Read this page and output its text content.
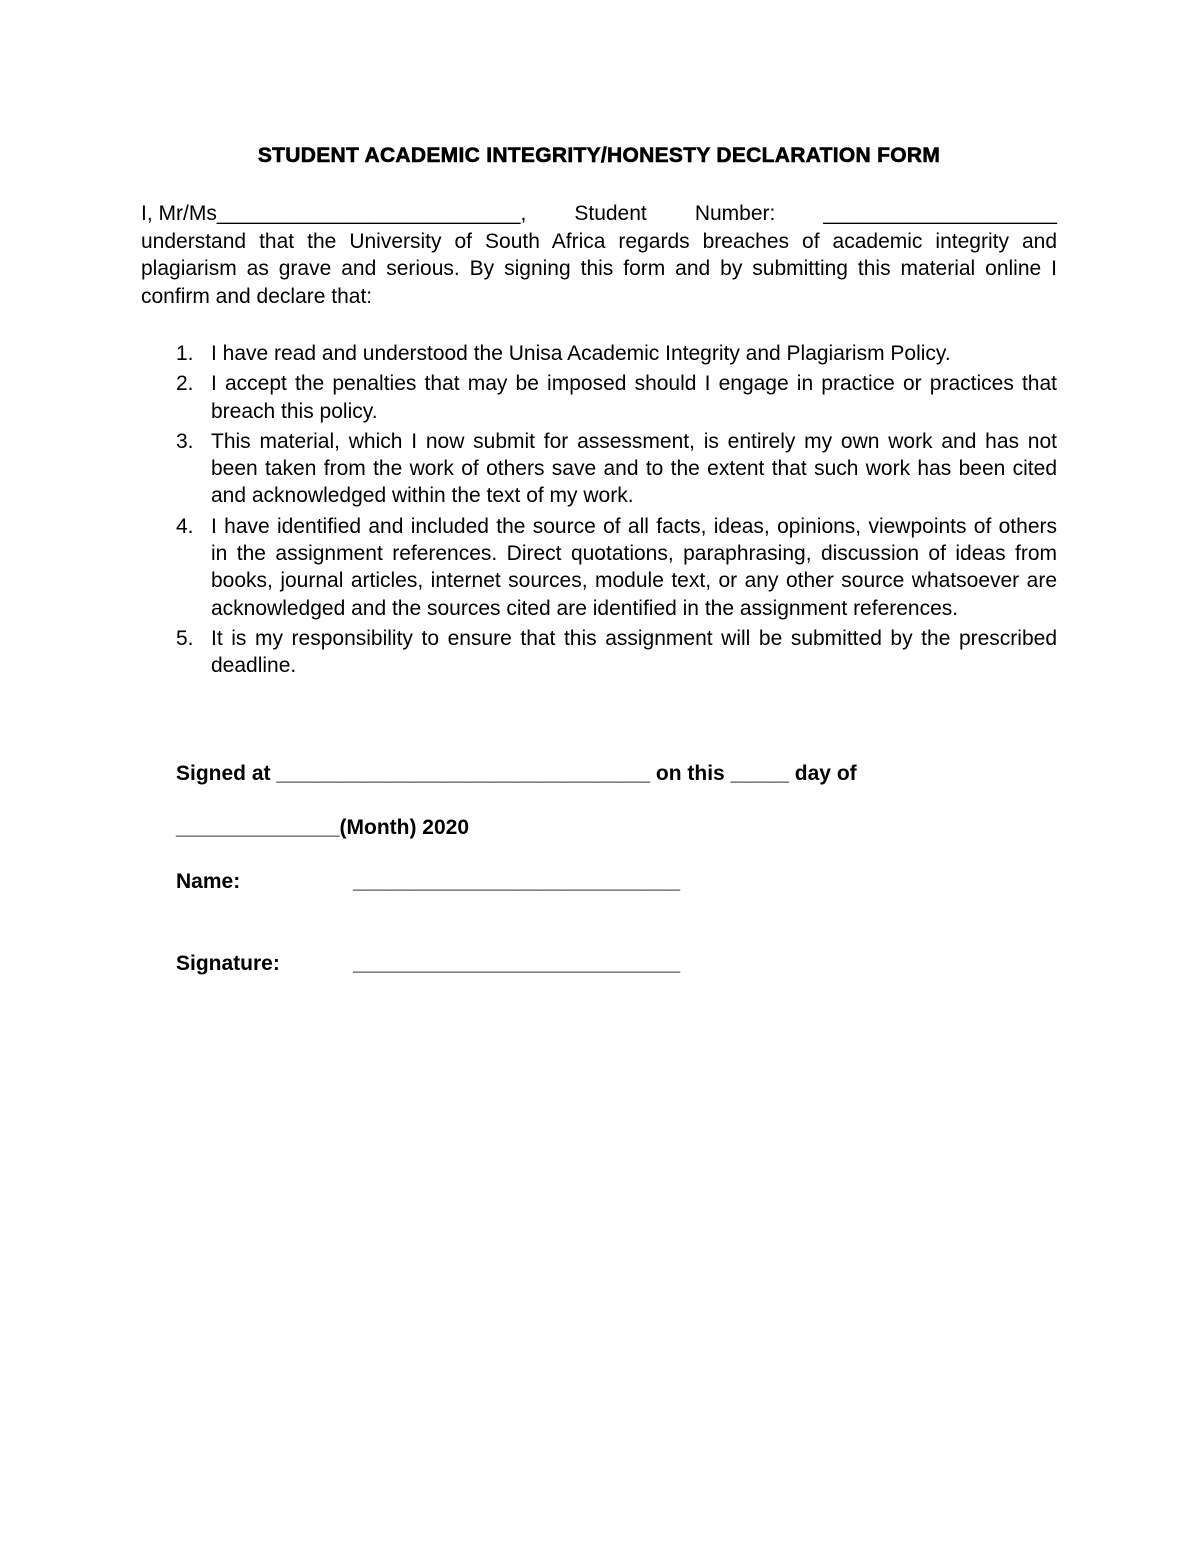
STUDENT ACADEMIC INTEGRITY/HONESTY DECLARATION FORM
I, Mr/Ms__________________________, Student Number: ____________________
understand that the University of South Africa regards breaches of academic integrity and plagiarism as grave and serious. By signing this form and by submitting this material online I confirm and declare that:
1. I have read and understood the Unisa Academic Integrity and Plagiarism Policy.
2. I accept the penalties that may be imposed should I engage in practice or practices that breach this policy.
3. This material, which I now submit for assessment, is entirely my own work and has not been taken from the work of others save and to the extent that such work has been cited and acknowledged within the text of my work.
4. I have identified and included the source of all facts, ideas, opinions, viewpoints of others in the assignment references. Direct quotations, paraphrasing, discussion of ideas from books, journal articles, internet sources, module text, or any other source whatsoever are acknowledged and the sources cited are identified in the assignment references.
5. It is my responsibility to ensure that this assignment will be submitted by the prescribed deadline.
Signed at ________________________________ on this _____ day of
______________(Month) 2020
Name:	____________________________
Signature:	____________________________
